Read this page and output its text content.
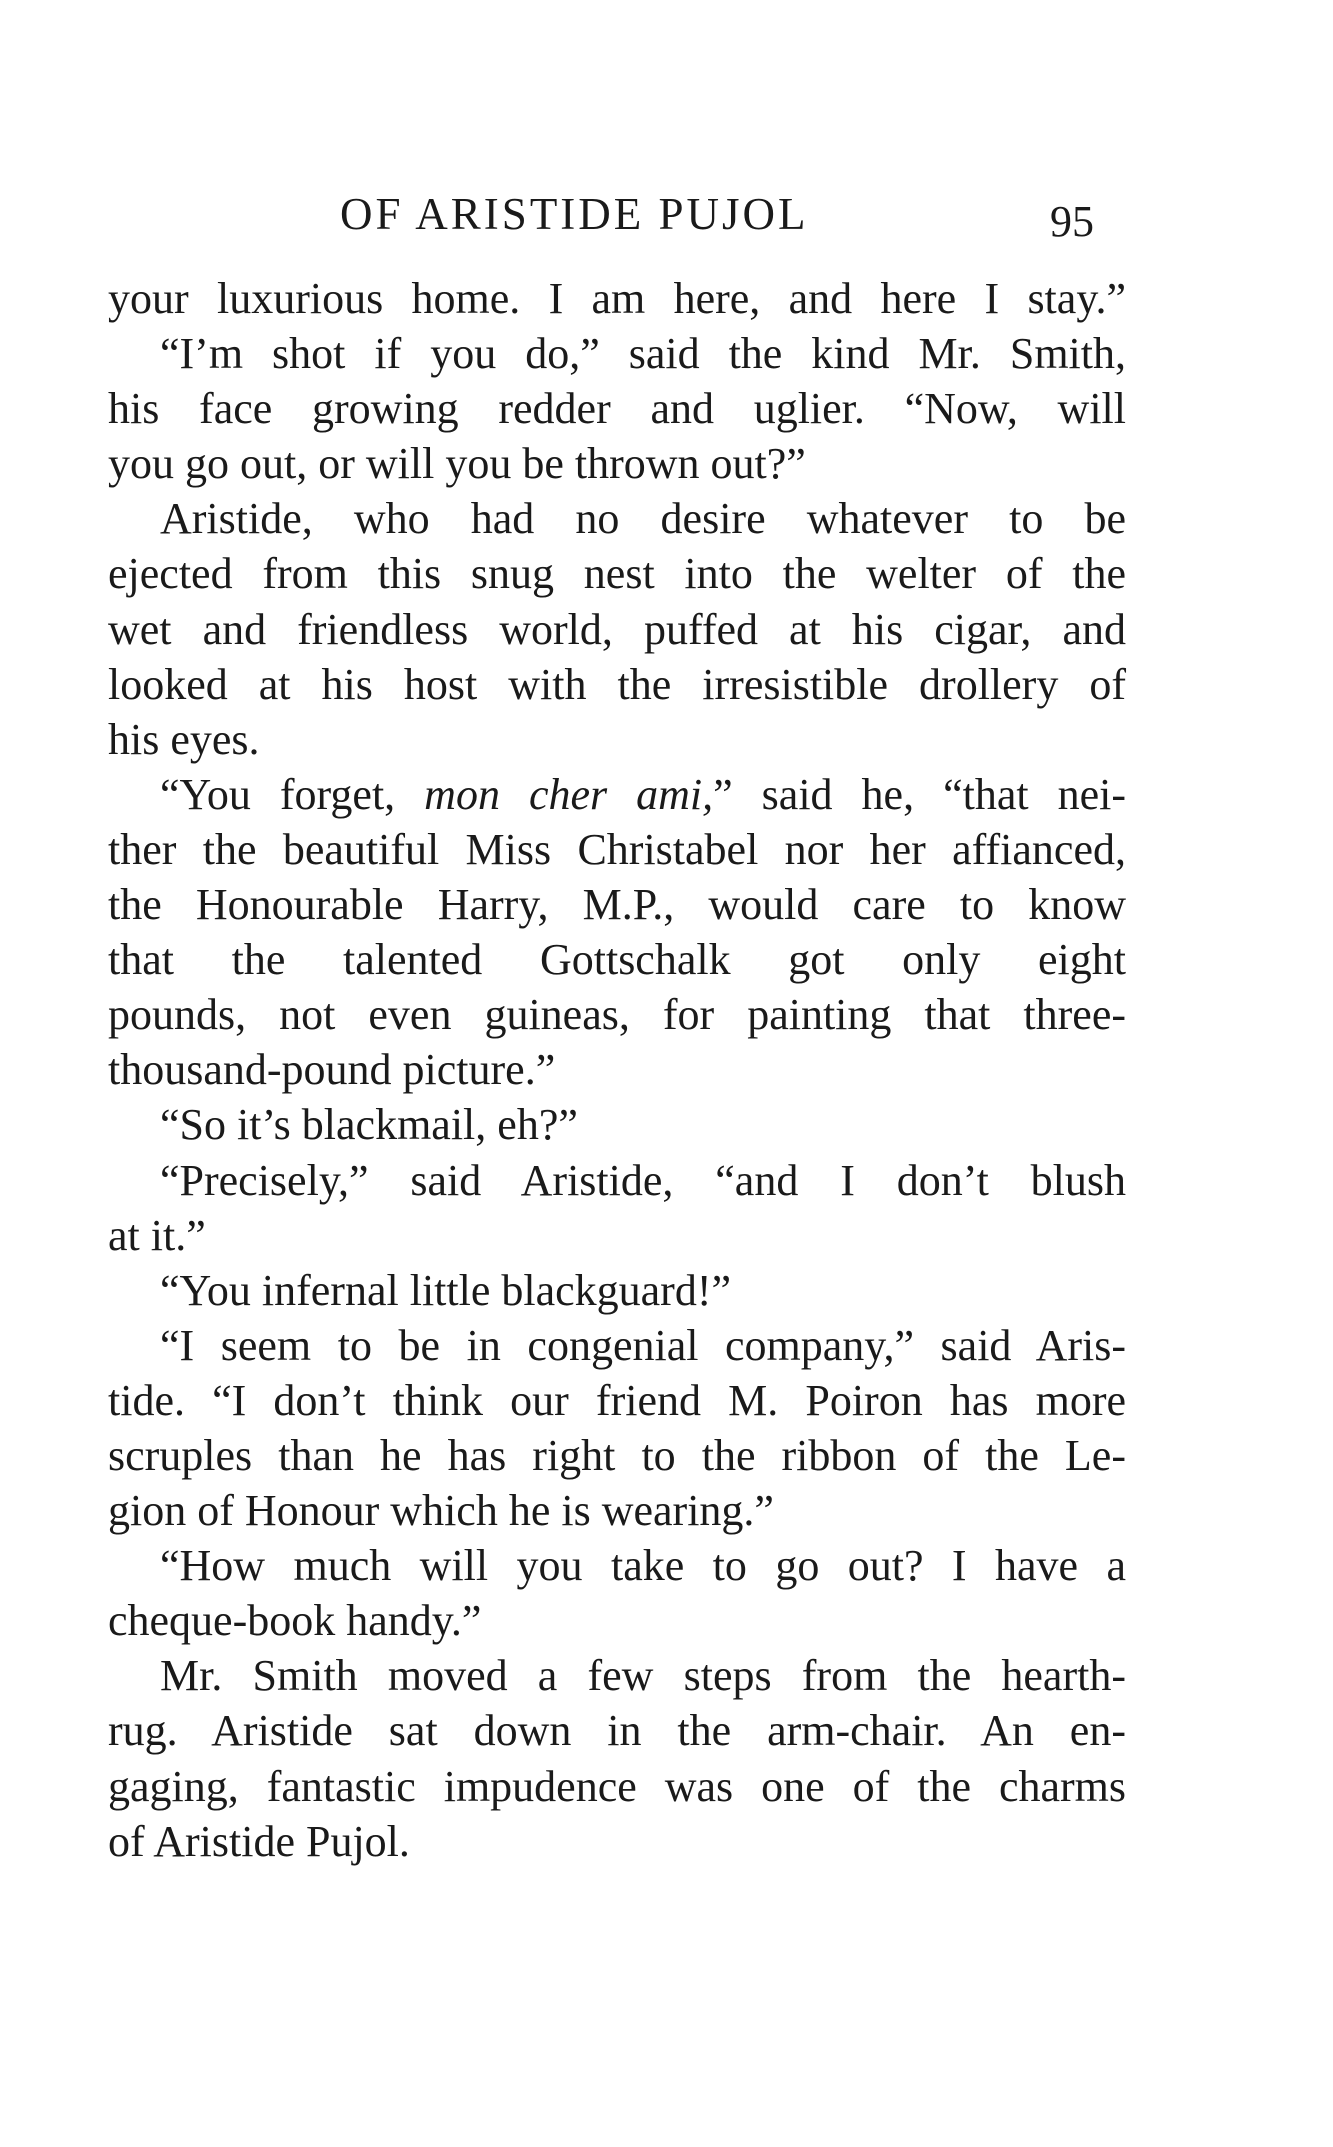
OF ARISTIDE PUJOL	95
your luxurious home. I am here, and here I stay.”
“I’m shot if you do,” said the kind Mr. Smith,
his face growing redder and uglier. “Now, will
you go out, or will you be thrown out?”
Aristide, who had no desire whatever to be
ejected from this snug nest into the welter of the
wet and friendless world, puffed at his cigar, and
looked at his host with the irresistible drollery of
his eyes.
“You forget, mon cher ami,” said he, “that nei-
ther the beautiful Miss Christabel nor her affianced,
the Honourable Harry, M.P., would care to know
that the talented Gottschalk got only eight
pounds, not even guineas, for painting that three-
thousand-pound picture.”
“So it’s blackmail, eh?”
“Precisely,” said Aristide, “and I don’t blush
at it.”
“You infernal little blackguard!”
“I seem to be in congenial company,” said Aris-
tide. “I don’t think our friend M. Poiron has more
scruples than he has right to the ribbon of the Le-
gion of Honour which he is wearing.”
“How much will you take to go out? I have a
cheque-book handy.”
Mr. Smith moved a few steps from the hearth-
rug. Aristide sat down in the arm-chair. An en-
gaging, fantastic impudence was one of the charms
of Aristide Pujol.
